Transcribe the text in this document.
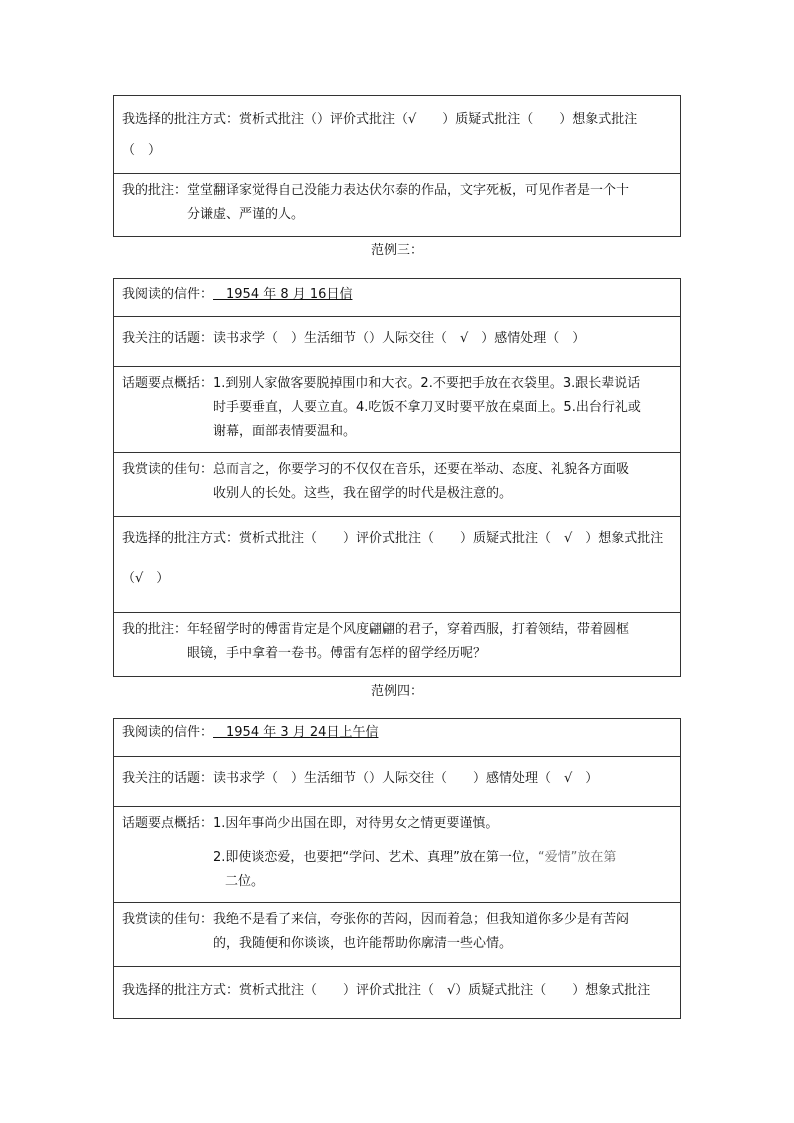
我选择的批注方式：赏析式批注（）评价式批注（√　　）质疑式批注（　　）想象式批注
（　）
我的批注： 堂堂翻译家觉得自己没能力表达伏尔泰的作品，文字死板，可见作者是一个十
分谦虚、严谨的人。
范例三：
我阅读的信件： 　1954 年 8 月 16日信
我关注的话题： 读书求学（　）生活细节（）人际交往（　√　）感情处理（　）
话题要点概括： 1.到别人家做客要脱掉围巾和大衣。2.不要把手放在衣袋里。3.跟长辈说话
时手要垂直，人要立直。4.吃饭不拿刀叉时要平放在桌面上。5.出台行礼或
谢幕，面部表情要温和。
我赏读的佳句： 总而言之，你要学习的不仅仅在音乐，还要在举动、态度、礼貌各方面吸
收别人的长处。这些，我在留学的时代是极注意的。
我选择的批注方式：赏析式批注（　　）评价式批注（　　）质疑式批注（　√　）想象式批注
（√　）
我的批注： 年轻留学时的傅雷肯定是个风度翩翩的君子，穿着西服，打着领结，带着圆框
眼镜，手中拿着一卷书。傅雷有怎样的留学经历呢？
范例四：
我阅读的信件： 　1954 年 3 月 24日上午信
我关注的话题： 读书求学（　）生活细节（）人际交往（　　）感情处理（　√　）
话题要点概括： 1.因年事尚少出国在即，对待男女之情更要谨慎。
2.即使谈恋爱，也要把“学问、艺术、真理”放在第一位，“爱情”放在第
二位。
我赏读的佳句： 我绝不是看了来信，夸张你的苦闷，因而着急；但我知道你多少是有苦闷
的，我随便和你谈谈，也许能帮助你廓清一些心情。
我选择的批注方式：赏析式批注（　　）评价式批注（　√）质疑式批注（　　）想象式批注
